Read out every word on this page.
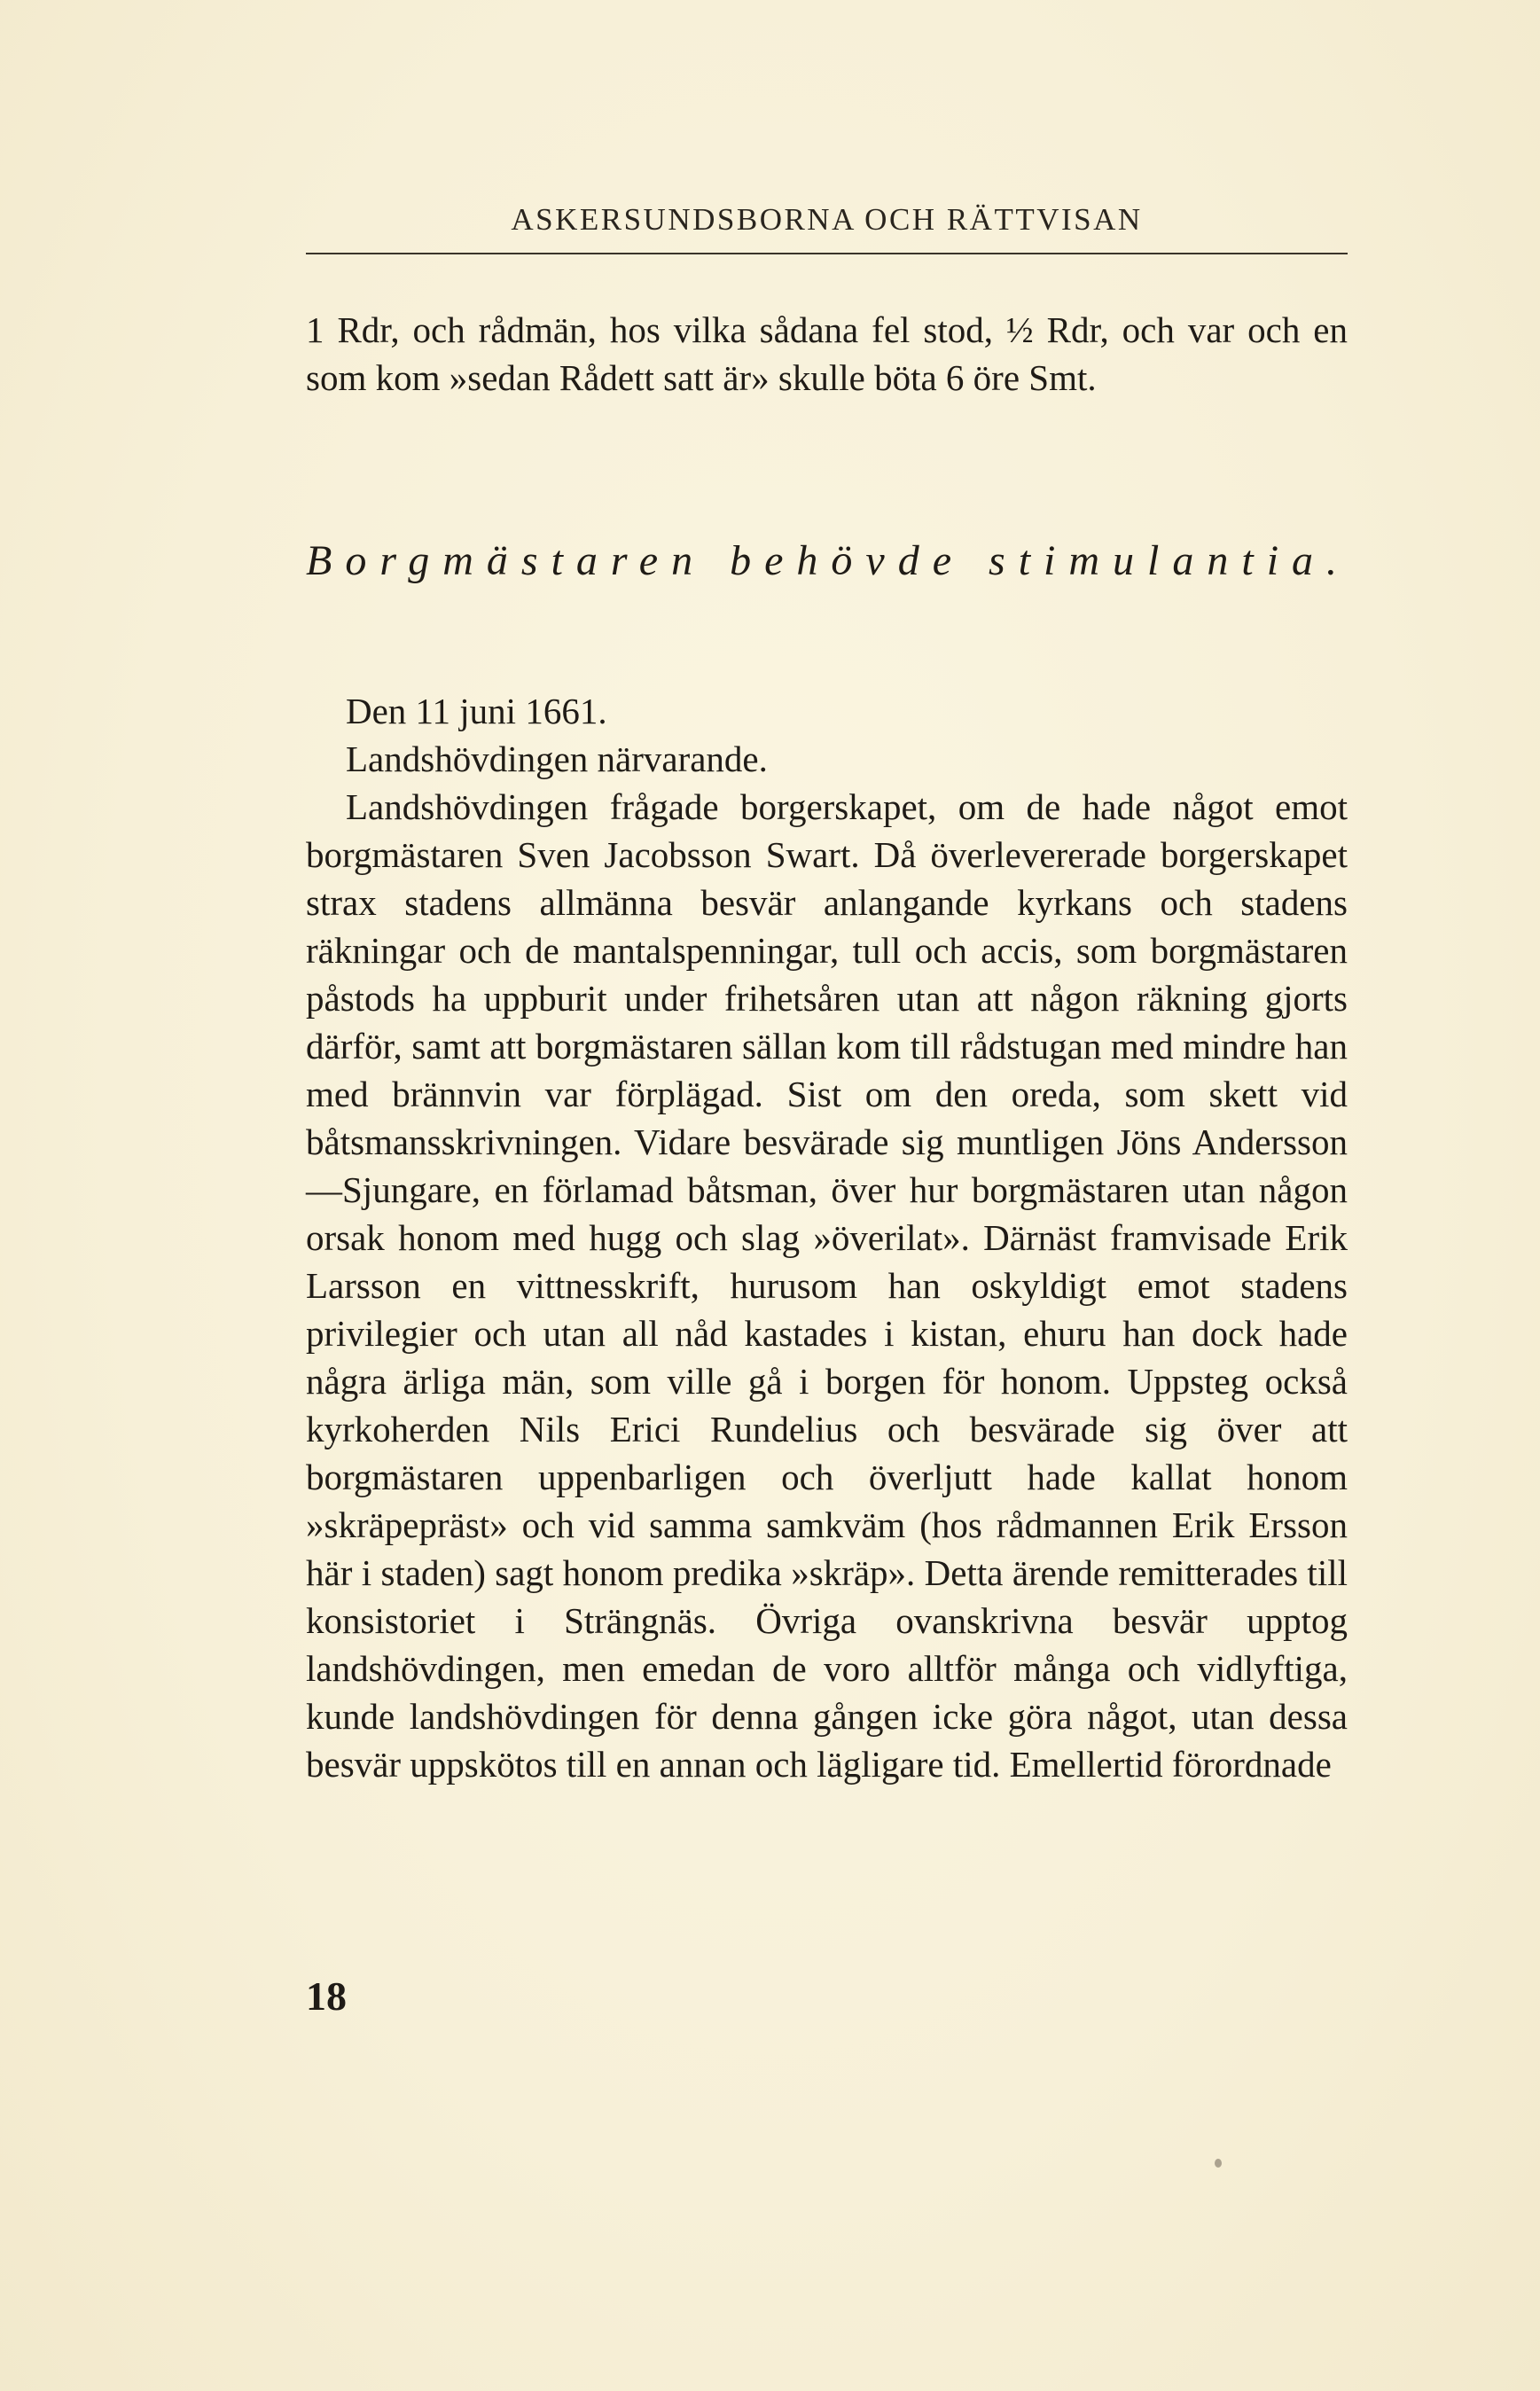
ASKERSUNDSBORNA OCH RÄTTVISAN

1 Rdr, och rådmän, hos vilka sådana fel stod, ½ Rdr, och var och en som kom »sedan Rådett satt är» skulle böta 6 öre Smt.

Borgmästaren behövde stimulantia.
Den 11 juni 1661.
Landshövdingen närvarande.

Landshövdingen frågade borgerskapet, om de hade något emot borgmästaren Sven Jacobsson Swart. Då överlevererade borgerskapet strax stadens allmänna besvär anlangande kyrkans och stadens räkningar och de mantalspenningar, tull och accis, som borgmästaren påstods ha uppburit under frihetsåren utan att någon räkning gjorts därför, samt att borgmästaren sällan kom till rådstugan med mindre han med brännvin var förplägad. Sist om den oreda, som skett vid båtsmansskrivningen. Vidare besvärade sig muntligen Jöns Andersson—Sjungare, en förlamad båtsman, över hur borgmästaren utan någon orsak honom med hugg och slag »överilat». Därnäst framvisade Erik Larsson en vittnesskrift, hurusom han oskyldigt emot stadens privilegier och utan all nåd kastades i kistan, ehuru han dock hade några ärliga män, som ville gå i borgen för honom. Uppsteg också kyrkoherden Nils Erici Rundelius och besvärade sig över att borgmästaren uppenbarligen och överljutt hade kallat honom »skräpepräst» och vid samma samkväm (hos rådmannen Erik Ersson här i staden) sagt honom predika »skräp». Detta ärende remitterades till konsistoriet i Strängnäs. Övriga ovanskrivna besvär upptog landshövdingen, men emedan de voro alltför många och vidlyftiga, kunde landshövdingen för denna gången icke göra något, utan dessa besvär uppskötos till en annan och lägligare tid. Emellertid förordnade

18
